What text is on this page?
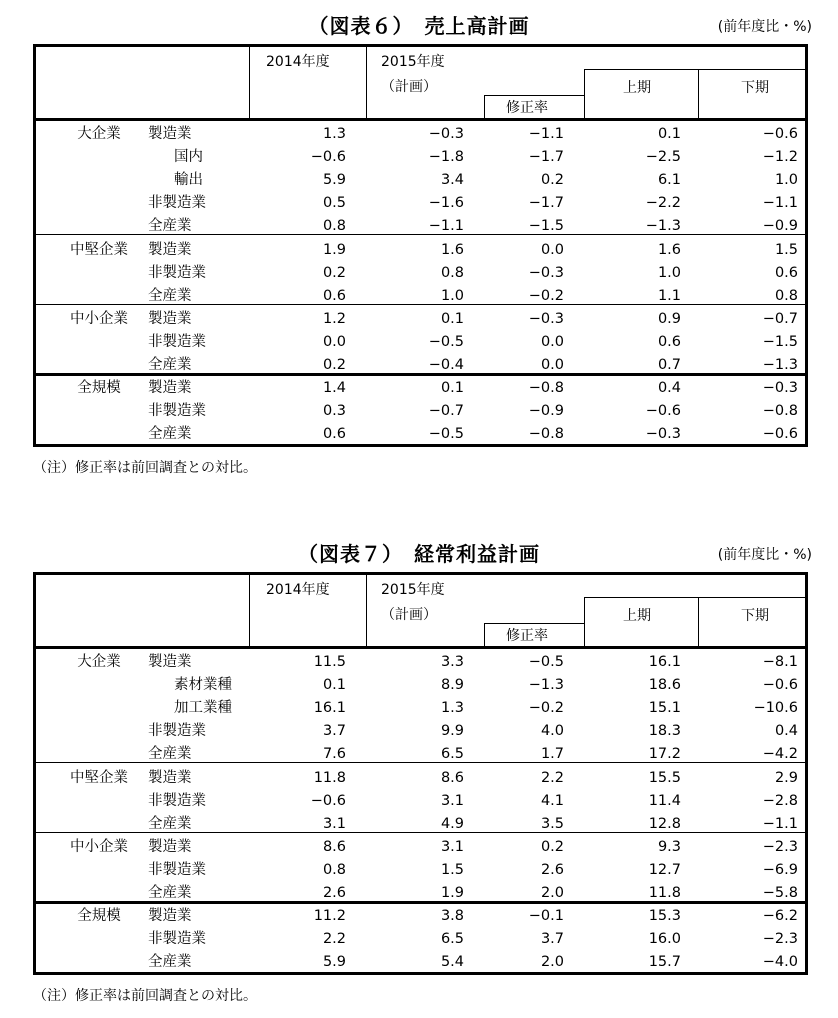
（図表６）　売上高計画	(前年度比・%)
2014年度	2015年度
（計画）
修正率
上期	下期
大企業	製造業	1.3	−0.3	−1.1	0.1	−0.6
国内	−0.6	−1.8	−1.7	−2.5	−1.2
輸出	5.9	3.4	0.2	6.1	1.0
非製造業	0.5	−1.6	−1.7	−2.2	−1.1
全産業	0.8	−1.1	−1.5	−1.3	−0.9
中堅企業	製造業	1.9	1.6	0.0	1.6	1.5
非製造業	0.2	0.8	−0.3	1.0	0.6
全産業	0.6	1.0	−0.2	1.1	0.8
中小企業	製造業	1.2	0.1	−0.3	0.9	−0.7
非製造業	0.0	−0.5	0.0	0.6	−1.5
全産業	0.2	−0.4	0.0	0.7	−1.3
全規模	製造業	1.4	0.1	−0.8	0.4	−0.3
非製造業	0.3	−0.7	−0.9	−0.6	−0.8
全産業	0.6	−0.5	−0.8	−0.3	−0.6
（注）修正率は前回調査との対比。
（図表７）　経常利益計画	(前年度比・%)
2014年度	2015年度
（計画）
修正率
上期	下期
大企業	製造業	11.5	3.3	−0.5	16.1	−8.1
素材業種	0.1	8.9	−1.3	18.6	−0.6
加工業種	16.1	1.3	−0.2	15.1	−10.6
非製造業	3.7	9.9	4.0	18.3	0.4
全産業	7.6	6.5	1.7	17.2	−4.2
中堅企業	製造業	11.8	8.6	2.2	15.5	2.9
非製造業	−0.6	3.1	4.1	11.4	−2.8
全産業	3.1	4.9	3.5	12.8	−1.1
中小企業	製造業	8.6	3.1	0.2	9.3	−2.3
非製造業	0.8	1.5	2.6	12.7	−6.9
全産業	2.6	1.9	2.0	11.8	−5.8
全規模	製造業	11.2	3.8	−0.1	15.3	−6.2
非製造業	2.2	6.5	3.7	16.0	−2.3
全産業	5.9	5.4	2.0	15.7	−4.0
（注）修正率は前回調査との対比。
